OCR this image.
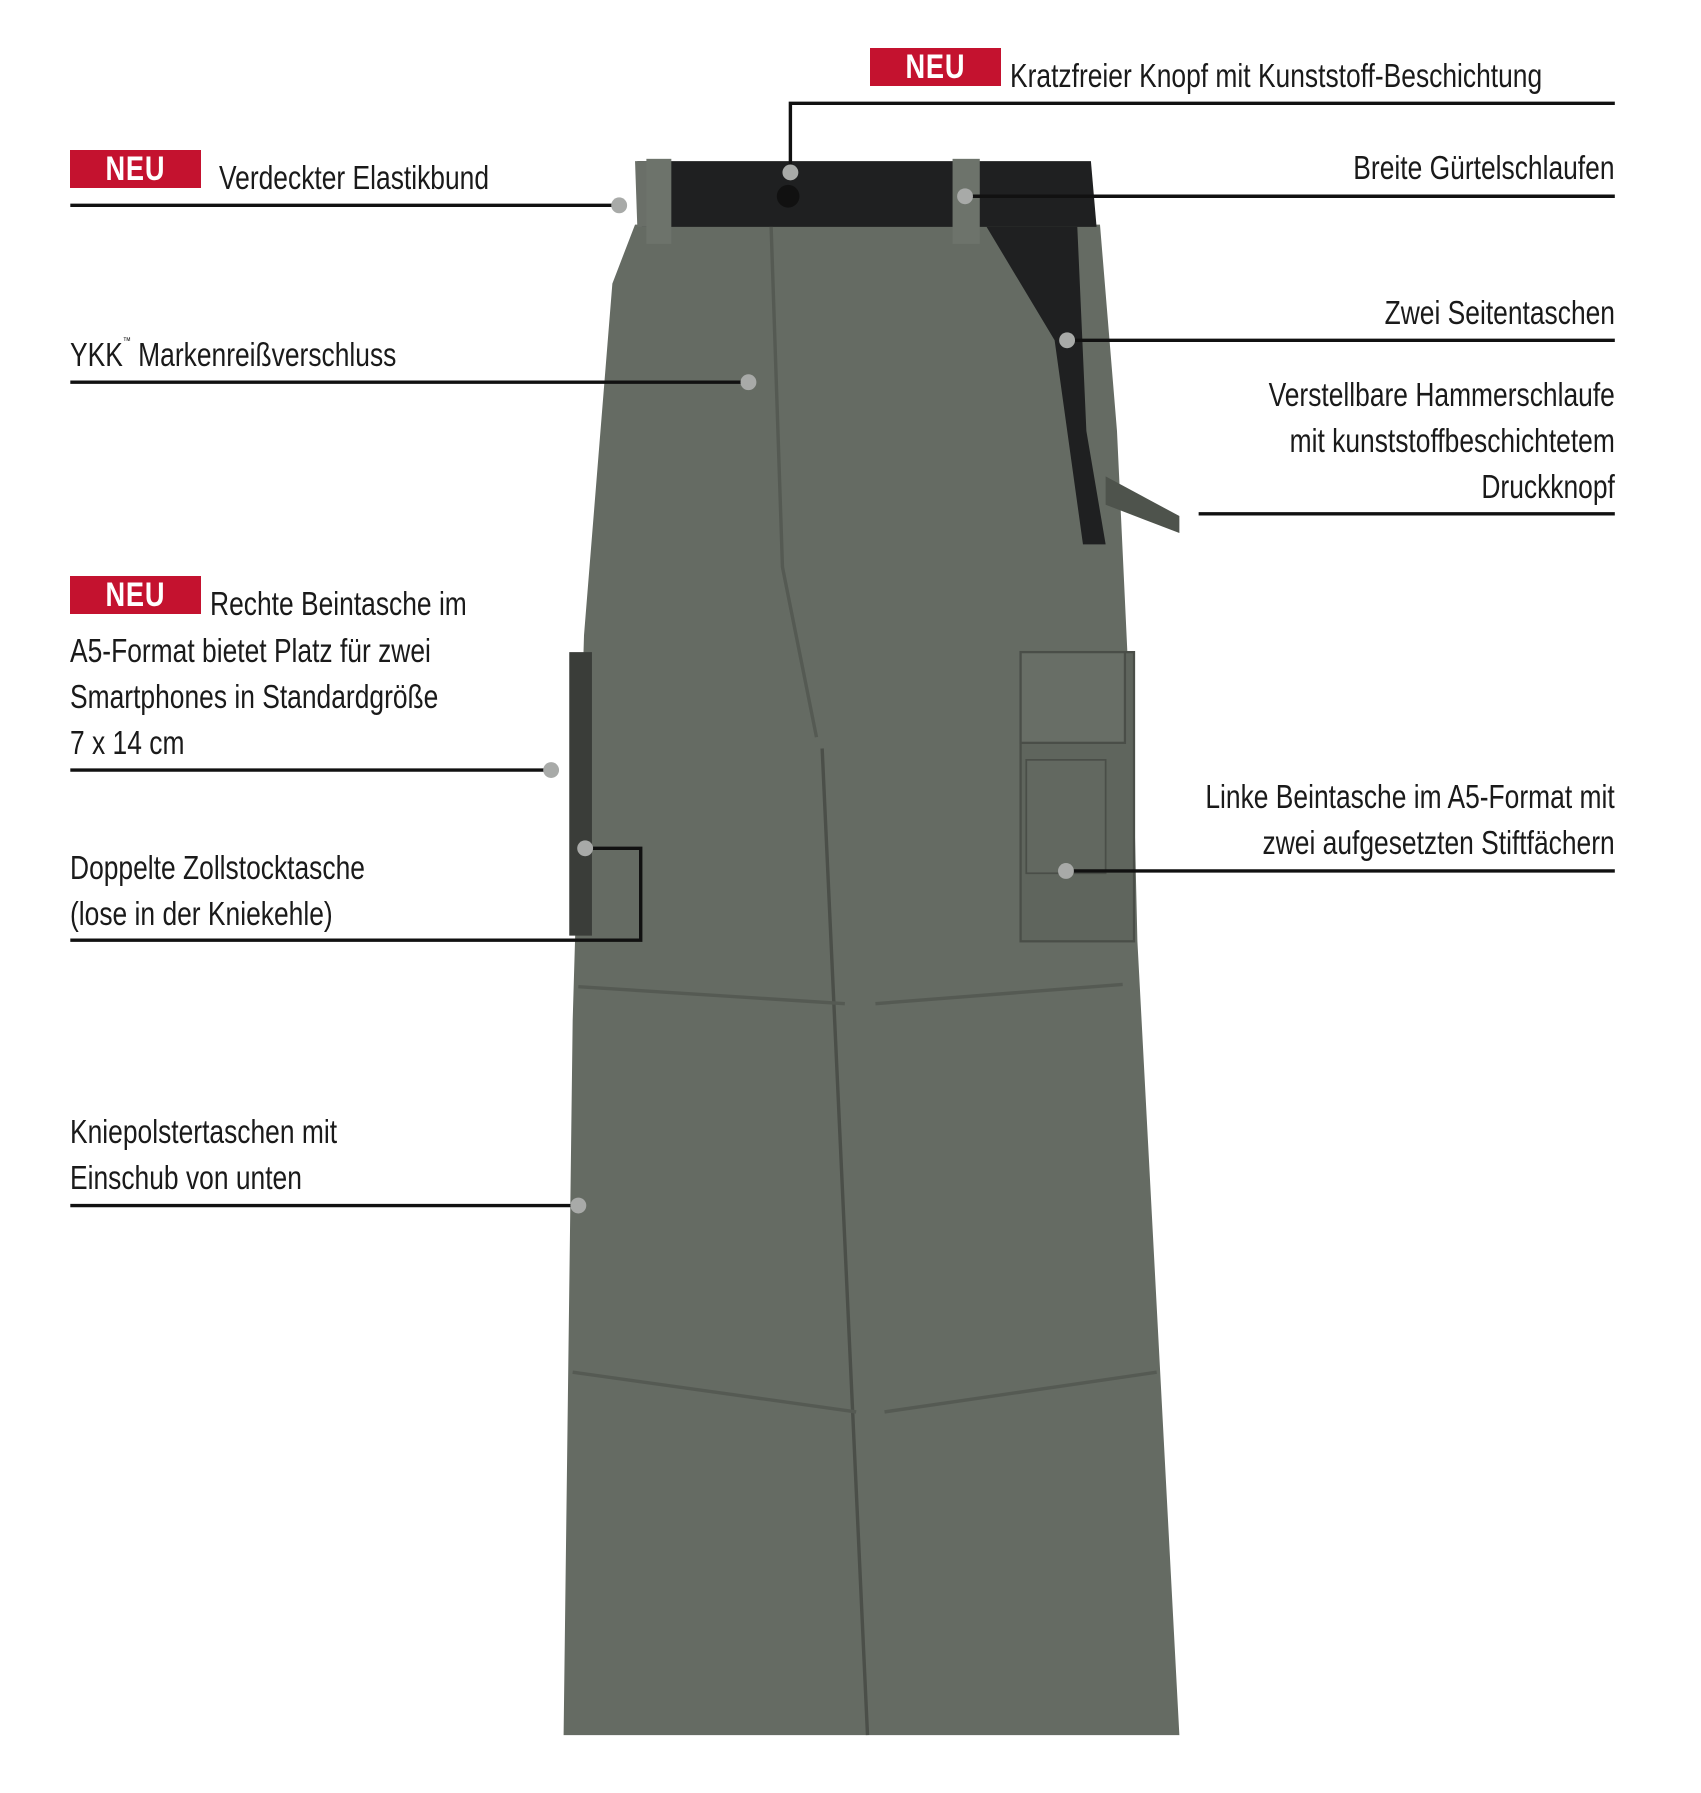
NEU	Kratzfreier Knopf mit Kunststoff-Beschichtung
NEU	Verdeckter Elastikbund	Breite Gürtelschlaufen
Zwei Seitentaschen
YKK™ Markenreißverschluss
Verstellbare Hammerschlaufe
mit kunststoffbeschichtetem
Druckknopf
NEU	Rechte Beintasche im
A5-Format bietet Platz für zwei
Smartphones in Standardgröße
7 x 14 cm
Linke Beintasche im A5-Format mit
zwei aufgesetzten Stiftfächern
Doppelte Zollstocktasche
(lose in der Kniekehle)
Kniepolstertaschen mit
Einschub von unten
